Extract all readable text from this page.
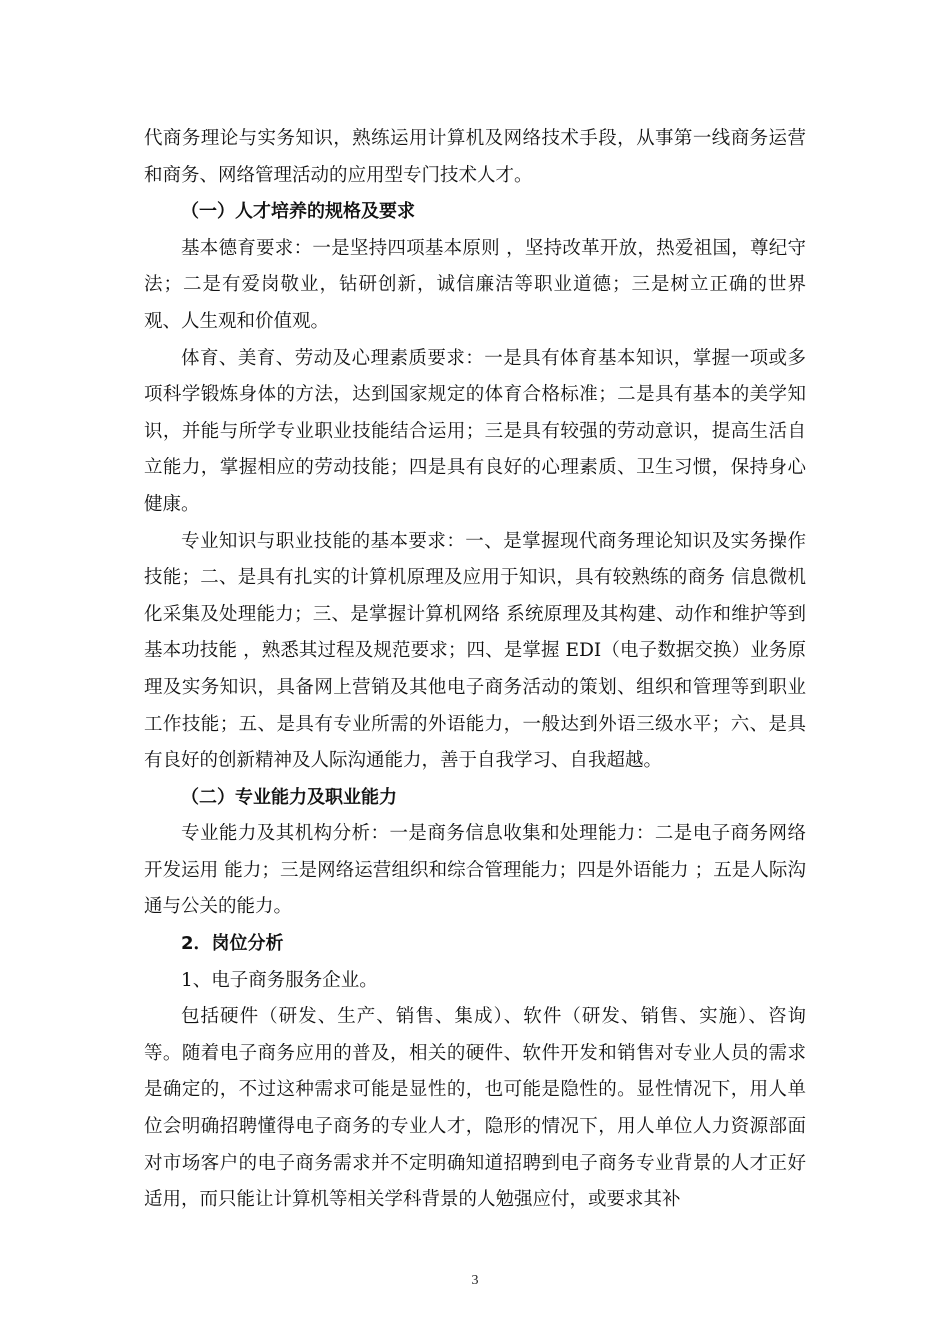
代商务理论与实务知识，熟练运用计算机及网络技术手段，从事第一线商务运营和商务、网络管理活动的应用型专门技术人才。

（一）人才培养的规格及要求

基本德育要求：一是坚持四项基本原则 ，坚持改革开放，热爱祖国，尊纪守法；二是有爱岗敬业，钻研创新，诚信廉洁等职业道德；三是树立正确的世界观、人生观和价值观。

体育、美育、劳动及心理素质要求：一是具有体育基本知识，掌握一项或多项科学锻炼身体的方法，达到国家规定的体育合格标准；二是具有基本的美学知识，并能与所学专业职业技能结合运用；三是具有较强的劳动意识，提高生活自立能力，掌握相应的劳动技能；四是具有良好的心理素质、卫生习惯，保持身心健康。

专业知识与职业技能的基本要求：一、是掌握现代商务理论知识及实务操作技能；二、是具有扎实的计算机原理及应用于知识，具有较熟练的商务 信息微机化采集及处理能力；三、是掌握计算机网络 系统原理及其构建、动作和维护等到基本功技能 ，熟悉其过程及规范要求；四、是掌握 EDI（电子数据交换）业务原理及实务知识，具备网上营销及其他电子商务活动的策划、组织和管理等到职业工作技能；五、是具有专业所需的外语能力，一般达到外语三级水平；六、是具有良好的创新精神及人际沟通能力，善于自我学习、自我超越。

（二）专业能力及职业能力

专业能力及其机构分析：一是商务信息收集和处理能力：二是电子商务网络开发运用 能力；三是网络运营组织和综合管理能力；四是外语能力 ；五是人际沟通与公关的能力。

2．岗位分析

1、电子商务服务企业。

包括硬件（研发、生产、销售、集成）、软件（研发、销售、实施）、咨询等。随着电子商务应用的普及，相关的硬件、软件开发和销售对专业人员的需求是确定的，不过这种需求可能是显性的，也可能是隐性的。显性情况下，用人单位会明确招聘懂得电子商务的专业人才，隐形的情况下，用人单位人力资源部面对市场客户的电子商务需求并不定明确知道招聘到电子商务专业背景的人才正好适用，而只能让计算机等相关学科背景的人勉强应付，或要求其补

3
